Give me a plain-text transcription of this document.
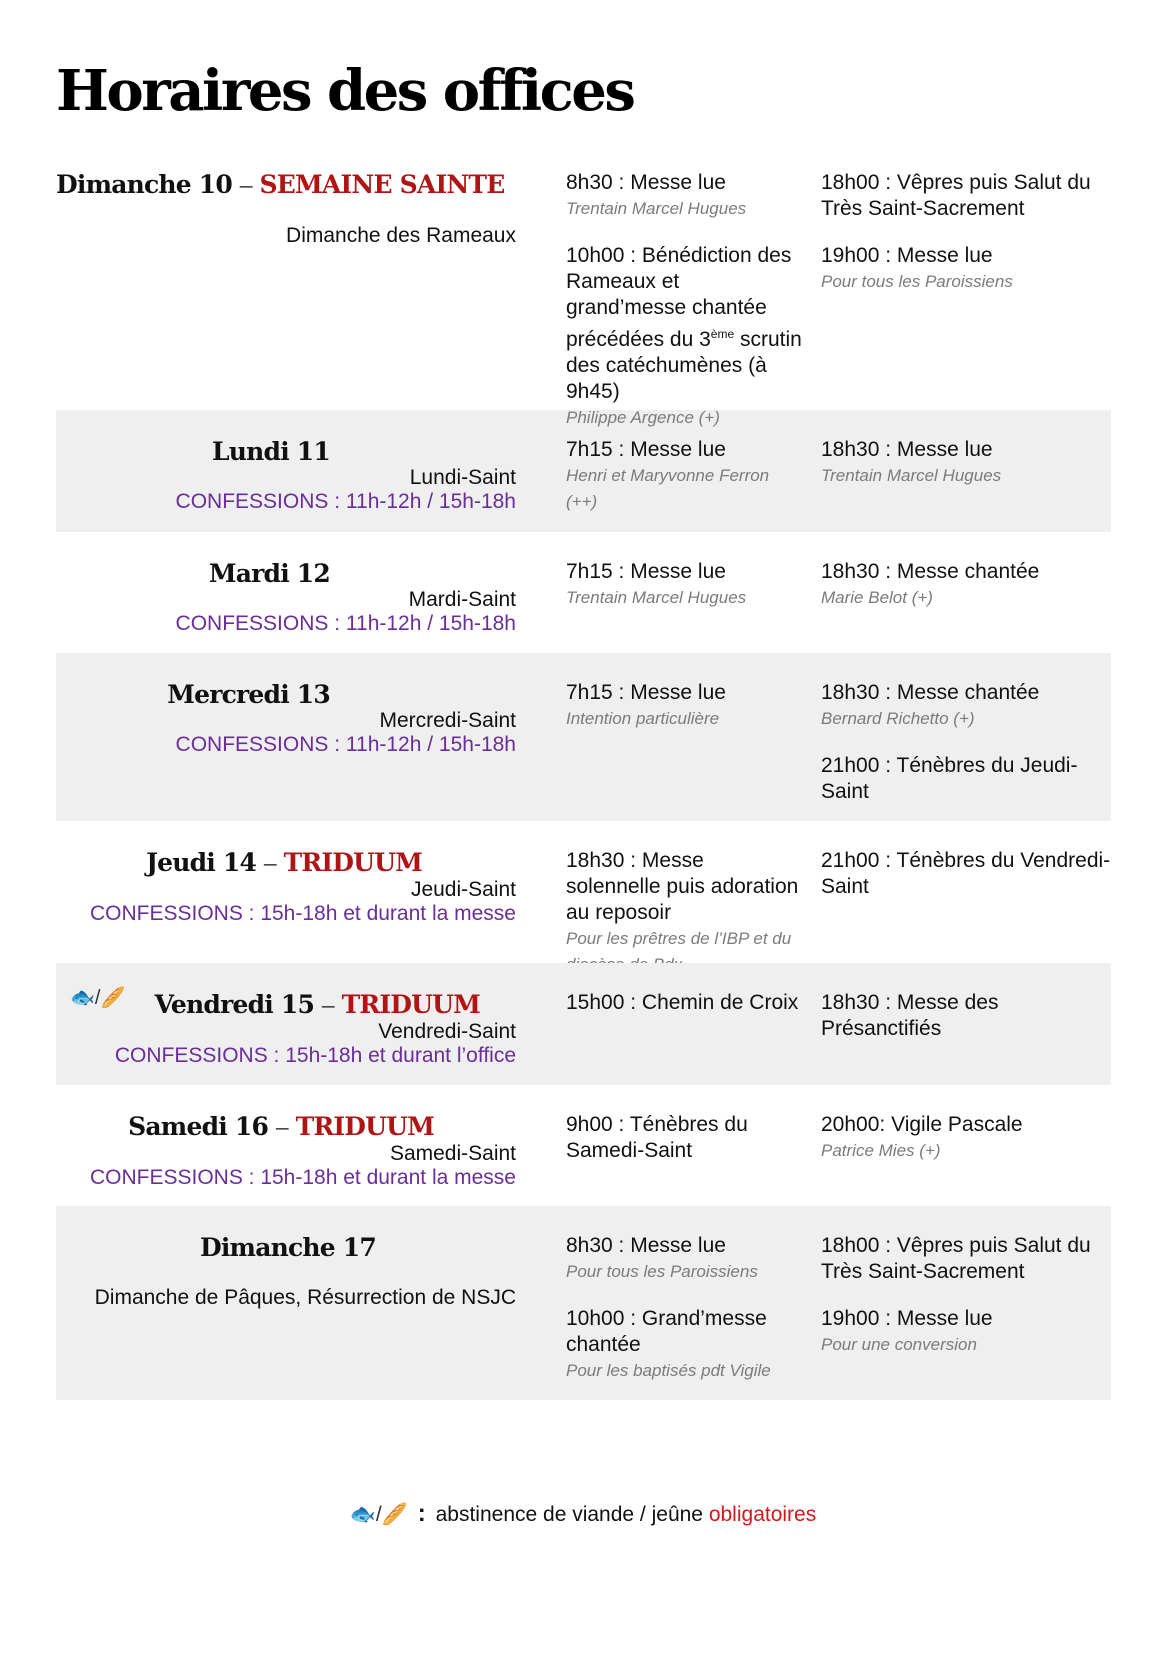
Horaires des offices
Dimanche 10 – SEMAINE SAINTE
Dimanche des Rameaux
8h30 : Messe lue
Trentain Marcel Hugues
10h00 : Bénédiction des Rameaux et grand’messe chantée précédées du 3ème scrutin des catéchumènes (à 9h45)
Philippe Argence (+)
18h00 : Vêpres puis Salut du Très Saint-Sacrement
19h00 : Messe lue
Pour tous les Paroissiens
Lundi 11
Lundi-Saint
CONFESSIONS : 11h-12h / 15h-18h
7h15 : Messe lue
Henri et Maryvonne Ferron (++)
18h30 : Messe lue
Trentain Marcel Hugues
Mardi 12
Mardi-Saint
CONFESSIONS : 11h-12h / 15h-18h
7h15 : Messe lue
Trentain Marcel Hugues
18h30 : Messe chantée
Marie Belot (+)
Mercredi 13
Mercredi-Saint
CONFESSIONS : 11h-12h / 15h-18h
7h15 : Messe lue
Intention particulière
18h30 : Messe chantée
Bernard Richetto (+)
21h00 : Ténèbres du Jeudi-Saint
Jeudi 14 – TRIDUUM
Jeudi-Saint
CONFESSIONS : 15h-18h et durant la messe
18h30 : Messe solennelle puis adoration au reposoir
Pour les prêtres de l’IBP et du
21h00 : Ténèbres du Vendredi-Saint
🐟/🥖	Vendredi 15 – TRIDUUM
Vendredi-Saint
CONFESSIONS : 15h-18h et durant l’office
15h00 : Chemin de Croix 18h30 : Messe des Présanctifiés
Samedi 16 – TRIDUUM
Samedi-Saint
CONFESSIONS : 15h-18h et durant la messe
9h00 : Ténèbres du Samedi-Saint
20h00: Vigile Pascale
Patrice Mies (+)
Dimanche 17
Dimanche de Pâques, Résurrection de NSJC
8h30 : Messe lue
Pour tous les Paroissiens
10h00 : Grand’messe chantée
Pour les baptisés pdt Vigile
18h00 : Vêpres puis Salut du Très Saint-Sacrement
19h00 : Messe lue
Pour une conversion
🐟/🥖 : abstinence de viande / jeûne obligatoires
